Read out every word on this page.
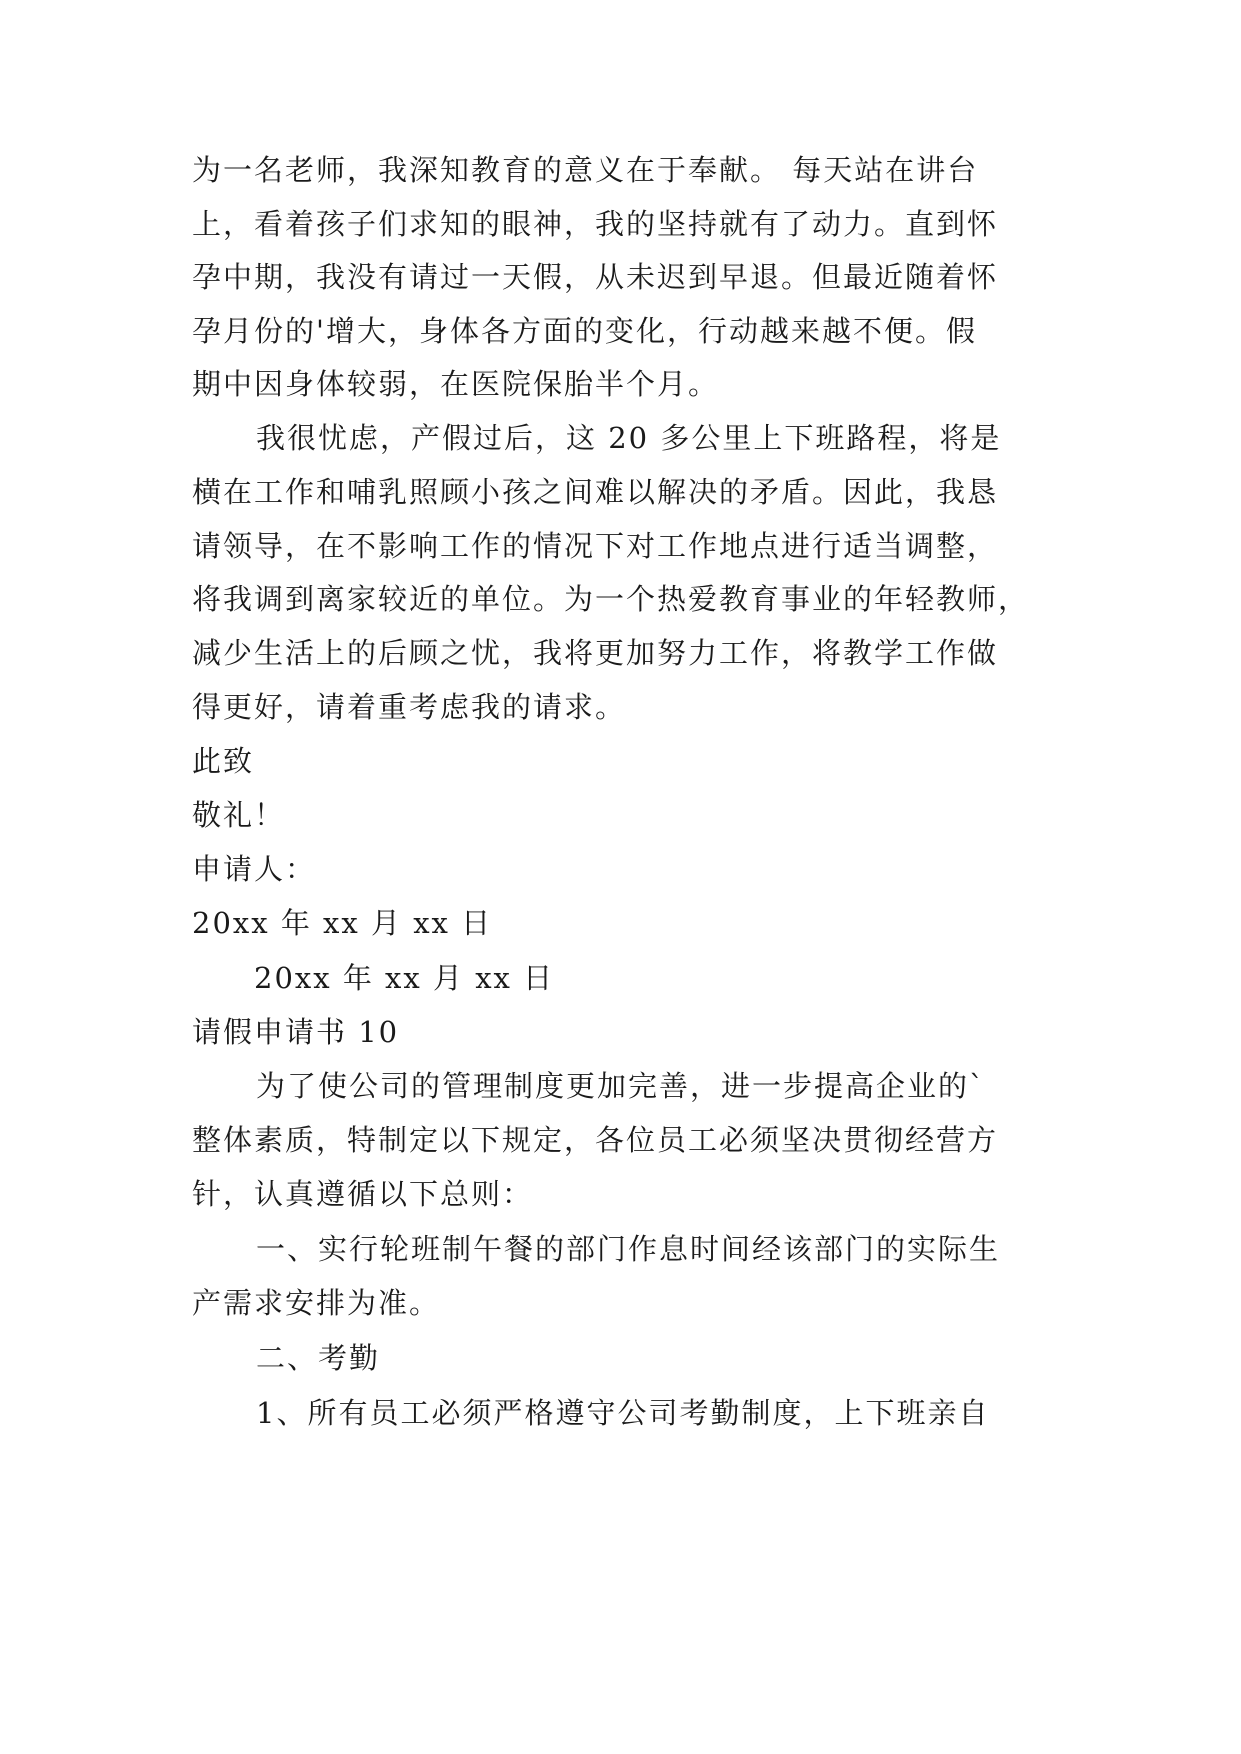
为一名老师，我深知教育的意义在于奉献。 每天站在讲台
上，看着孩子们求知的眼神，我的坚持就有了动力。直到怀
孕中期，我没有请过一天假，从未迟到早退。但最近随着怀
孕月份的'增大，身体各方面的变化，行动越来越不便。假
期中因身体较弱，在医院保胎半个月。
我很忧虑，产假过后，这 20 多公里上下班路程，将是
横在工作和哺乳照顾小孩之间难以解决的矛盾。因此，我恳
请领导，在不影响工作的情况下对工作地点进行适当调整，
将我调到离家较近的单位。为一个热爱教育事业的年轻教师，
减少生活上的后顾之忧，我将更加努力工作，将教学工作做
得更好，请着重考虑我的请求。
此致
敬礼！
申请人：
20xx 年 xx 月 xx 日
20xx 年 xx 月 xx 日
请假申请书 10
为了使公司的管理制度更加完善，进一步提高企业的`
整体素质，特制定以下规定，各位员工必须坚决贯彻经营方
针，认真遵循以下总则：
一、实行轮班制午餐的部门作息时间经该部门的实际生
产需求安排为准。
二、考勤
1、所有员工必须严格遵守公司考勤制度，上下班亲自
